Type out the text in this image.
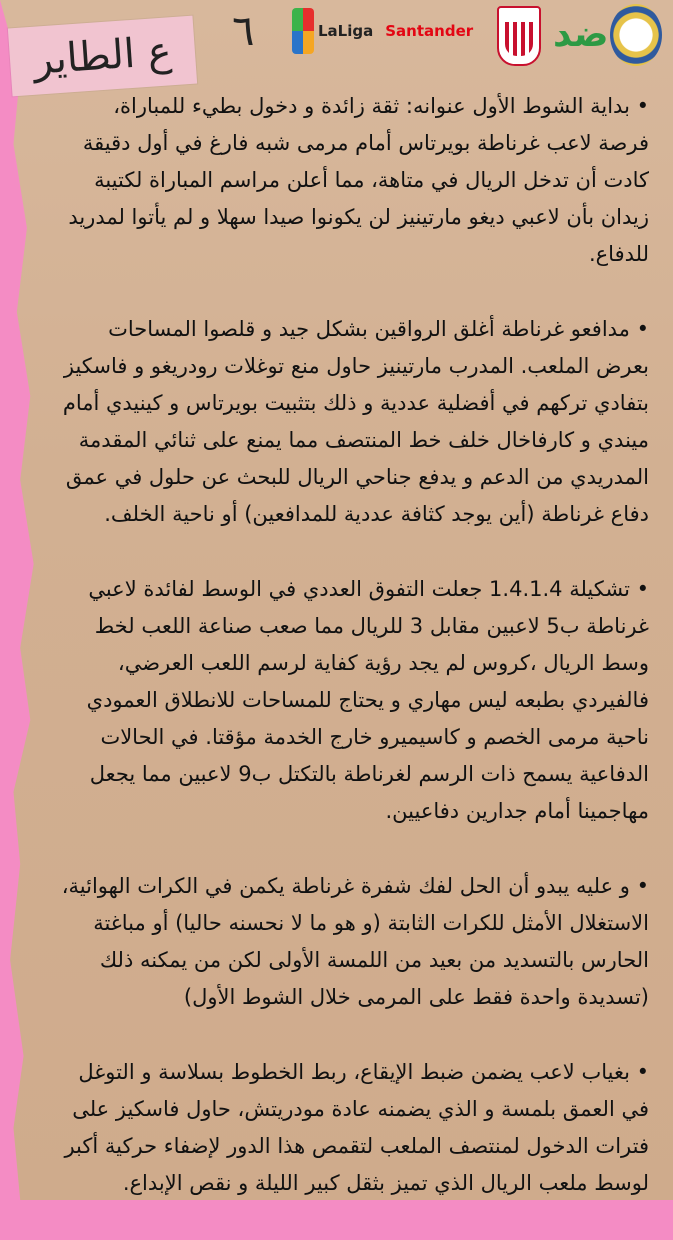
ع الطاير	٦	LaLiga Santander ضد

• بداية الشوط الأول عنوانه: ثقة زائدة و دخول بطيء للمباراة، فرصة لاعب غرناطة بويرتاس أمام مرمى شبه فارغ في أول دقيقة كادت أن تدخل الريال في متاهة، مما أعلن مراسم المباراة لكتيبة زيدان بأن لاعبي ديغو مارتينيز لن يكونوا صيدا سهلا و لم يأتوا لمدريد للدفاع.

• مدافعو غرناطة أغلق الرواقين بشكل جيد و قلصوا المساحات بعرض الملعب. المدرب مارتينيز حاول منع توغلات رودريغو و فاسكيز بتفادي تركهم في أفضلية عددية و ذلك بتثبيت بويرتاس و كينيدي أمام ميندي و كارفاخال خلف خط المنتصف مما يمنع على ثنائي المقدمة المدريدي من الدعم و يدفع جناحي الريال للبحث عن حلول في عمق دفاع غرناطة (أين يوجد كثافة عددية للمدافعين) أو ناحية الخلف.

• تشكيلة 1.4.1.4 جعلت التفوق العددي في الوسط لفائدة لاعبي غرناطة ب5 لاعبين مقابل 3 للريال مما صعب صناعة اللعب لخط وسط الريال ،كروس لم يجد رؤية كفاية لرسم اللعب العرضي، فالفيردي بطبعه ليس مهاري و يحتاج للمساحات للانطلاق العمودي ناحية مرمى الخصم و كاسيميرو خارج الخدمة مؤقتا. في الحالات الدفاعية يسمح ذات الرسم لغرناطة بالتكتل ب9 لاعبين مما يجعل مهاجمينا أمام جدارين دفاعيين.

• و عليه يبدو أن الحل لفك شفرة غرناطة يكمن في الكرات الهوائية، الاستغلال الأمثل للكرات الثابتة (و هو ما لا نحسنه حاليا) أو مباغتة الحارس بالتسديد من بعيد من اللمسة الأولى لكن من يمكنه ذلك (تسديدة واحدة فقط على المرمى خلال الشوط الأول)

• بغياب لاعب يضمن ضبط الإيقاع، ربط الخطوط بسلاسة و التوغل في العمق بلمسة و الذي يضمنه عادة مودريتش، حاول فاسكيز على فترات الدخول لمنتصف الملعب لتقمص هذا الدور لإضفاء حركية أكبر لوسط ملعب الريال الذي تميز بثقل كبير الليلة و نقص الإبداع.
